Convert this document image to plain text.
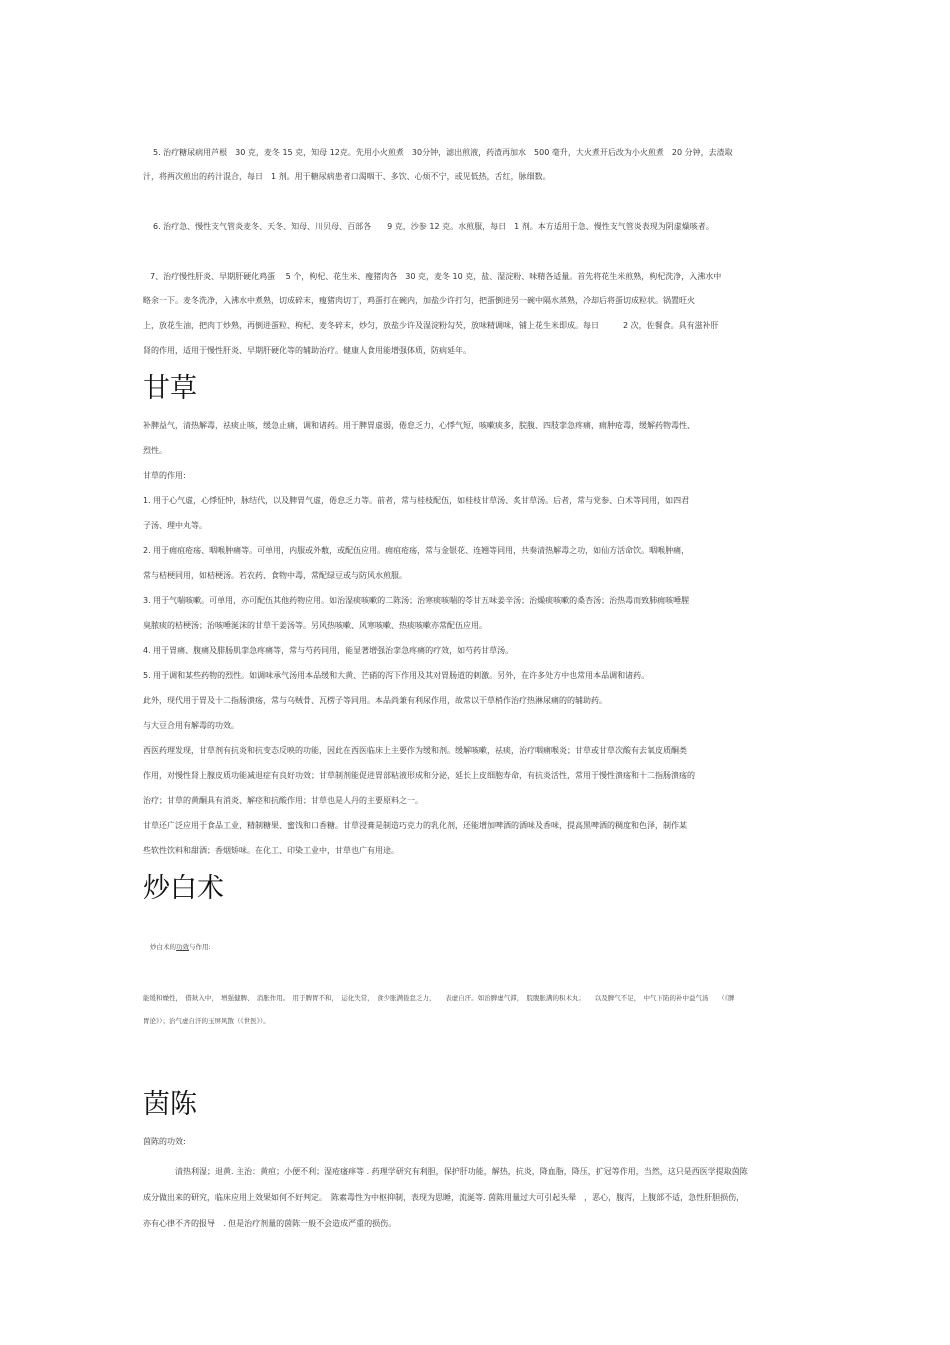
5. 治疗糖尿病用芦根　30 克，麦冬 15 克，知母 12克。先用小火煎煮　30分钟，滤出煎液，药渣再加水　500 毫升，大火煮开后改为小火煎煮　20 分钟，去渣取
汁，将两次煎出的药汁混合，每日　1 剂。用于糖尿病患者口渴咽干、多饮、心烦不宁，或见低热，舌红，脉细数。
6. 治疗急、慢性支气管炎麦冬、天冬、知母、川贝母、百部各　　9 克，沙参 12 克。水煎服，每日　1 剂。本方适用于急、慢性支气管炎表现为阴虚燥咳者。
7、治疗慢性肝炎、早期肝硬化鸡蛋　 5 个，枸杞、花生米、瘦猪肉各　30 克，麦冬 10 克，盐、湿淀粉、味精各适量。首先将花生米煎熟，枸杞洗净，入沸水中
略余一下。麦冬洗净，入沸水中煮熟，切成碎末，瘦猪肉切丁，鸡蛋打在碗内，加盐少许打匀，把蛋倒进另一碗中隔水蒸熟，冷却后将蛋切成粒状。锅置旺火
上，放花生油，把肉丁炒熟，再倒进蛋粒、枸杞、麦冬碎末，炒匀，放盐少许及湿淀粉勾芡，放味精调味，铺上花生米即成。每日　　　2 次，佐餐食。具有滋补肝
肾的作用，适用于慢性肝炎、早期肝硬化等的辅助治疗。健康人食用能增强体质，防病延年。
甘草
补脾益气，清热解毒，祛痰止咳，缓急止痛，调和诸药。用于脾胃虚弱，倦怠乏力，心悸气短，咳嗽痰多，脘腹、四肢挛急疼痛，痈肿疮毒，缓解药物毒性、
烈性。
甘草的作用:
1. 用于心气虚，心悸怔忡，脉结代，以及脾胃气虚，倦怠乏力等。前者，常与桂枝配伍，如桂枝甘草汤、炙甘草汤。后者，常与党参、白术等同用，如四君
子汤、理中丸等。
2. 用于痈疽疮疡、咽喉肿痛等。可单用，内服或外敷，或配伍应用。痈疽疮疡，常与金银花、连翘等同用，共奏清热解毒之功，如仙方活命饮。咽喉肿痛，
常与桔梗同用，如桔梗汤。若农药、食物中毒，常配绿豆或与防风水煎服。
3. 用于气喘咳嗽。可单用，亦可配伍其他药物应用。如治湿痰咳嗽的二陈汤；治寒痰咳喘的苓甘五味姜辛汤；治燥痰咳嗽的桑杏汤；治热毒而致肺痈咳唾腥
臭脓痰的桔梗汤；治咳唾涎沫的甘草干姜汤等。另风热咳嗽、风寒咳嗽、热痰咳嗽亦常配伍应用。
4. 用于胃痛、腹痛及腓肠肌挛急疼痛等，常与芍药同用，能显著增强治挛急疼痛的疗效，如芍药甘草汤。
5. 用于调和某些药物的烈性。如调味承气汤用本品缓和大黄、芒硝的泻下作用及其对胃肠道的刺激。另外，在许多处方中也常用本品调和诸药。
此外，现代用于胃及十二指肠溃疡，常与乌贼骨、瓦楞子等同用。本品尚兼有利尿作用，故常以干草梢作治疗热淋尿痛的的辅助药。
与大豆合用有解毒的功效。
西医药理发现，甘草剂有抗炎和抗变态反映的功能，因此在西医临床上主要作为缓和剂。缓解咳嗽，祛痰，治疗咽痛喉炎；甘草或甘草次酸有去氧皮质酮类
作用，对慢性肾上腺皮质功能减退症有良好功效；甘草制剂能促进胃部粘液形成和分泌，延长上皮细胞寿命，有抗炎活性，常用于慢性溃疡和十二指肠溃疡的
治疗；甘草的黄酮具有消炎、解痉和抗酸作用；甘草也是人丹的主要原料之一。
甘草还广泛应用于食品工业，精制糖果、蜜饯和口香糖。甘草浸膏是制造巧克力的乳化剂，还能增加啤酒的酒味及香味，提高黑啤酒的稠度和色泽，制作某
些软性饮料和甜酒；香烟矫味。在化工、印染工业中，甘草也广有用途。
炒白术
炒白术的功效与作用:
能缓和燥性，　借麸入中，　增强健脾、　消胀作用。　用于脾胃不和，　运化失常，　食少胀满倦怠乏力，　　表虚自汗。如治脾虚气滞，　脘腹胀满的积术丸；　　以及脾气不足，　中气下陷的补中益气汤　　（《脾
胃论》）；治气虚自汗的玉屏风散（《世医》）。
茵陈
茵陈的功效:
清热利湿；退黄. 主治：黄疸；小便不利；湿疮瘙痒等 . 药理学研究有利胆，保护肝功能，解热，抗炎，降血脂，降压，扩冠等作用，当然，这只是西医学提取茵陈
成分做出来的研究，临床应用上效果如何不好判定。　陈素毒性为中枢抑制，表现为思睡，流涎等. 茵陈用量过大可引起头晕　，恶心，腹泻，上腹部不适，急性肝胆损伤，
亦有心律不齐的报导　. 但是治疗剂量的茵陈一般不会造成严重的损伤。
